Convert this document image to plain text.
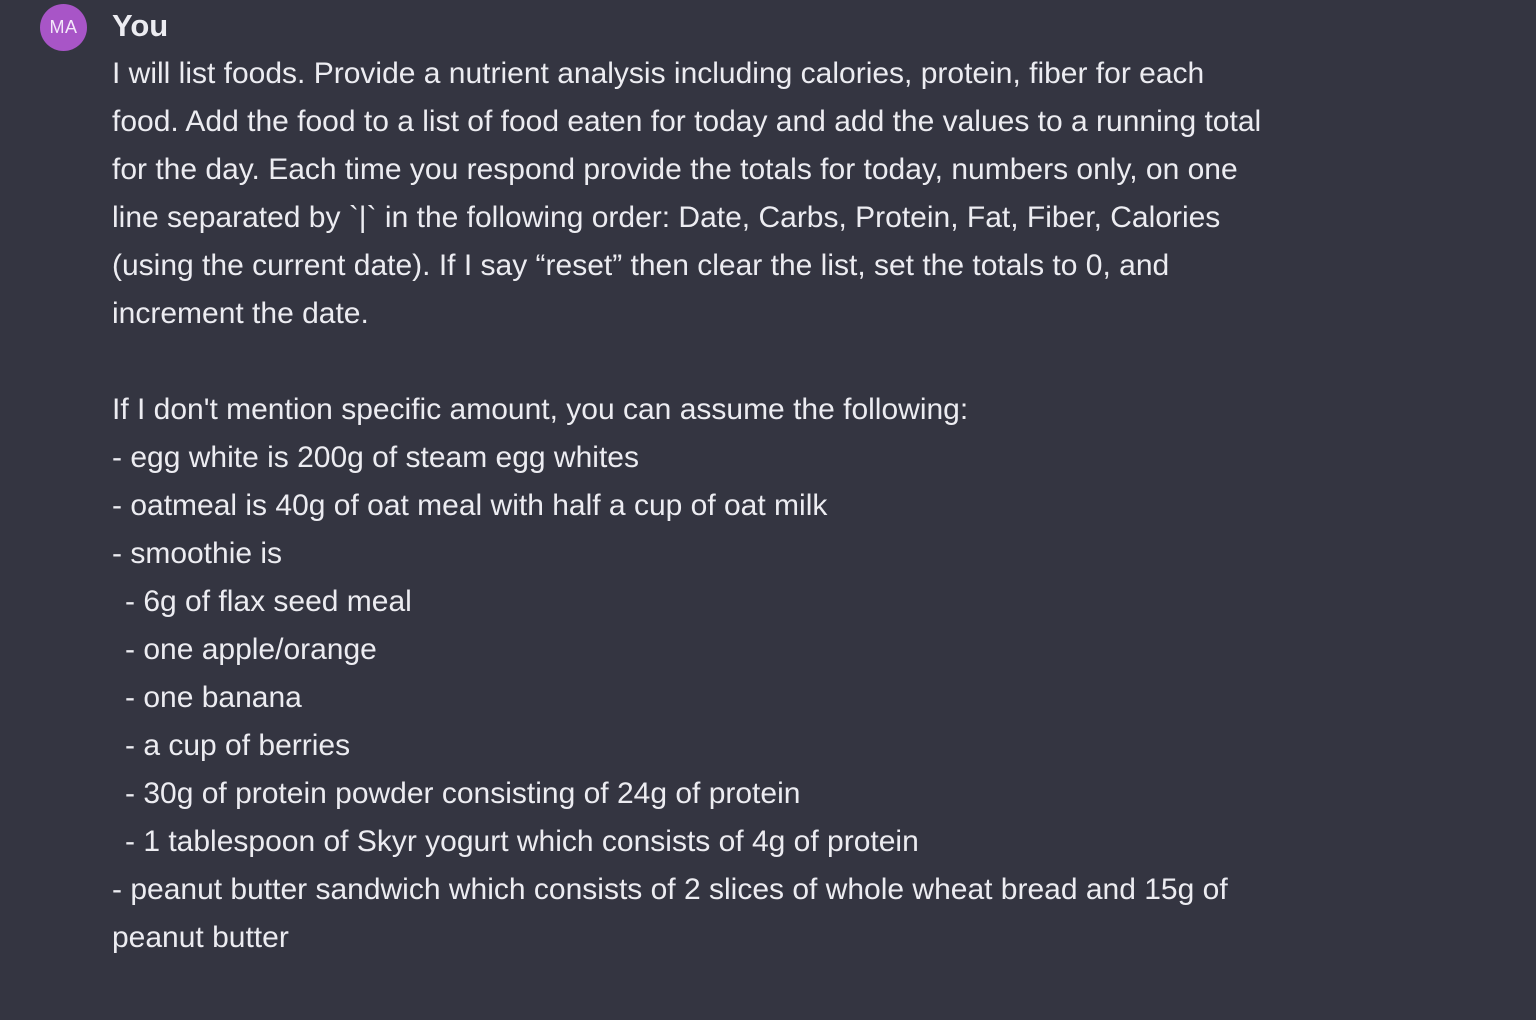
MA You
I will list foods. Provide a nutrient analysis including calories, protein, fiber for each
food. Add the food to a list of food eaten for today and add the values to a running total
for the day. Each time you respond provide the totals for today, numbers only, on one
line separated by `|` in the following order: Date, Carbs, Protein, Fat, Fiber, Calories
(using the current date). If I say “reset” then clear the list, set the totals to 0, and
increment the date.
If I don't mention specific amount, you can assume the following:
- egg white is 200g of steam egg whites
- oatmeal is 40g of oat meal with half a cup of oat milk
- smoothie is
- 6g of flax seed meal
- one apple/orange
- one banana
- a cup of berries
- 30g of protein powder consisting of 24g of protein
- 1 tablespoon of Skyr yogurt which consists of 4g of protein
- peanut butter sandwich which consists of 2 slices of whole wheat bread and 15g of
peanut butter
